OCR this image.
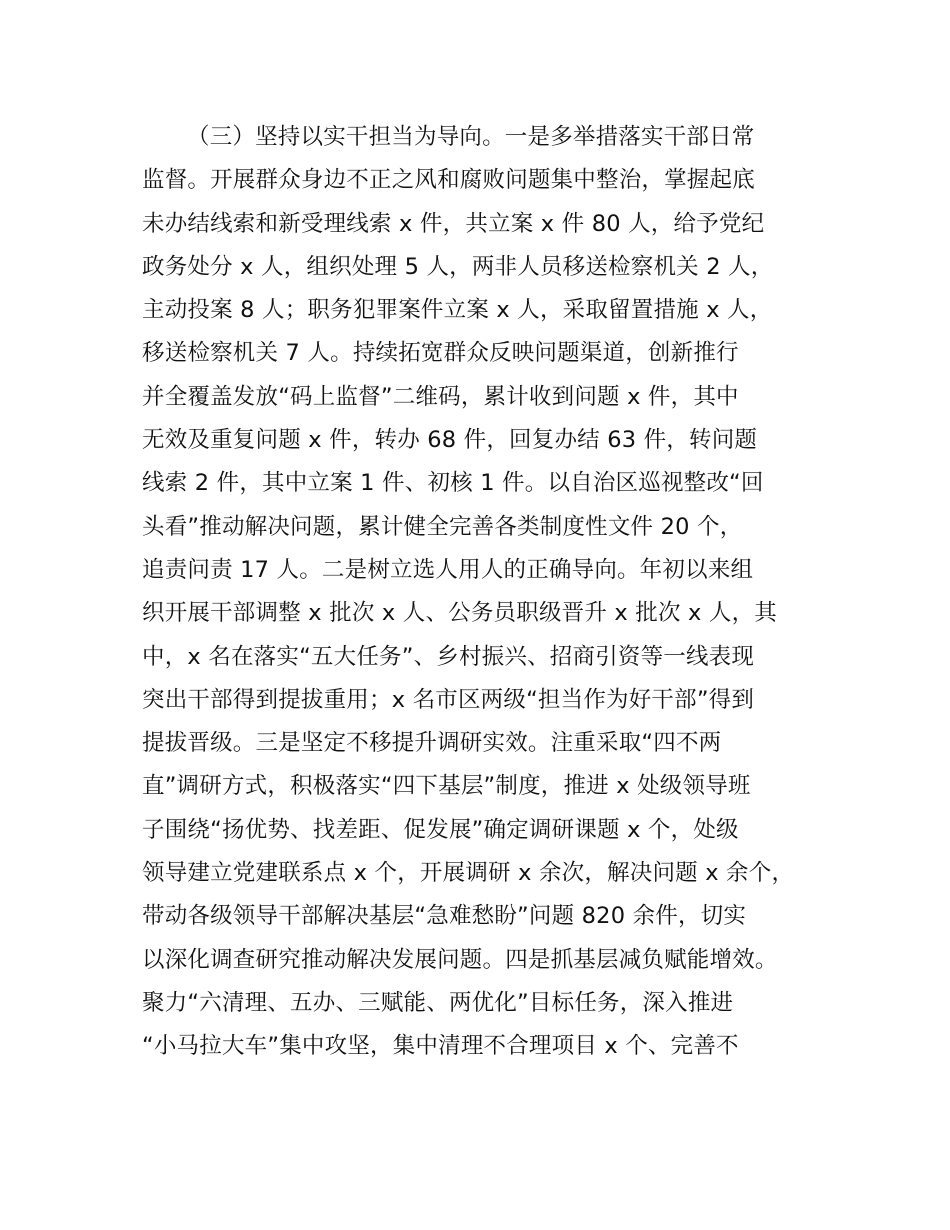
（三）坚持以实干担当为导向。一是多举措落实干部日常
监督。开展群众身边不正之风和腐败问题集中整治，掌握起底
未办结线索和新受理线索 x 件，共立案 x 件 80 人，给予党纪
政务处分 x 人，组织处理 5 人，两非人员移送检察机关 2 人，
主动投案 8 人；职务犯罪案件立案 x 人，采取留置措施 x 人，
移送检察机关 7 人。持续拓宽群众反映问题渠道，创新推行
并全覆盖发放“码上监督”二维码，累计收到问题 x 件，其中
无效及重复问题 x 件，转办 68 件，回复办结 63 件，转问题
线索 2 件，其中立案 1 件、初核 1 件。以自治区巡视整改“回
头看”推动解决问题，累计健全完善各类制度性文件 20 个，
追责问责 17 人。二是树立选人用人的正确导向。年初以来组
织开展干部调整 x 批次 x 人、公务员职级晋升 x 批次 x 人，其
中，x 名在落实“五大任务”、乡村振兴、招商引资等一线表现
突出干部得到提拔重用；x 名市区两级“担当作为好干部”得到
提拔晋级。三是坚定不移提升调研实效。注重采取“四不两
直”调研方式，积极落实“四下基层”制度，推进 x 处级领导班
子围绕“扬优势、找差距、促发展”确定调研课题 x 个，处级
领导建立党建联系点 x 个，开展调研 x 余次，解决问题 x 余个，
带动各级领导干部解决基层“急难愁盼”问题 820 余件，切实
以深化调查研究推动解决发展问题。四是抓基层减负赋能增效。
聚力“六清理、五办、三赋能、两优化”目标任务，深入推进
“小马拉大车”集中攻坚，集中清理不合理项目 x 个、完善不
